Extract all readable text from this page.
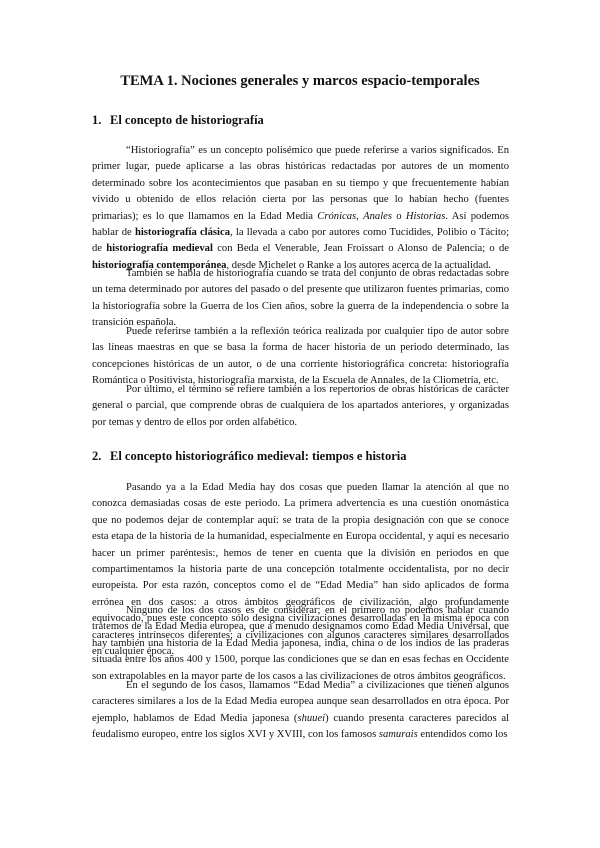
TEMA 1. Nociones generales y marcos espacio-temporales
1. El concepto de historiografía

“Historiografía” es un concepto polisémico que puede referirse a varios significados. En primer lugar, puede aplicarse a las obras históricas redactadas por autores de un momento determinado sobre los acontecimientos que pasaban en su tiempo y que frecuentemente habían vivido u obtenido de ellos relación cierta por las personas que lo habían hecho (fuentes primarias); es lo que llamamos en la Edad Media Crónicas, Anales o Historias. Así podemos hablar de historiografía clásica, la llevada a cabo por autores como Tucídides, Polibio o Tácito; de historiografía medieval con Beda el Venerable, Jean Froissart o Alonso de Palencia; o de historiografía contemporánea, desde Michelet o Ranke a los autores acerca de la actualidad.

También se habla de historiografía cuando se trata del conjunto de obras redactadas sobre un tema determinado por autores del pasado o del presente que utilizaron fuentes primarias, como la historiografía sobre la Guerra de los Cien años, sobre la guerra de la independencia o sobre la transición española.

Puede referirse también a la reflexión teórica realizada por cualquier tipo de autor sobre las líneas maestras en que se basa la forma de hacer historia de un periodo determinado, las concepciones históricas de un autor, o de una corriente historiográfica concreta: historiografía Romántica o Positivista, historiografía marxista, de la Escuela de Annales, de la Cliometría, etc.

Por último, el término se refiere también a los repertorios de obras históricas de carácter general o parcial, que comprende obras de cualquiera de los apartados anteriores, y organizadas por temas y dentro de ellos por orden alfabético.

2. El concepto historiográfico medieval: tiempos e historia

Pasando ya a la Edad Media hay dos cosas que pueden llamar la atención al que no conozca demasiadas cosas de este periodo. La primera advertencia es una cuestión onomástica que no podemos dejar de contemplar aquí: se trata de la propia designación con que se conoce esta etapa de la historia de la humanidad, especialmente en Europa occidental, y aquí es necesario hacer un primer paréntesis:, hemos de tener en cuenta que la división en periodos en que compartimentamos la historia parte de una concepción totalmente occidentalista, por no decir europeísta. Por esta razón, conceptos como el de “Edad Media” han sido aplicados de forma errónea en dos casos: a otros ámbitos geográficos de civilización, algo profundamente equivocado, pues este concepto sólo designa civilizaciones desarrolladas en la misma época con caracteres intrínsecos diferentes; a civilizaciones con algunos caracteres similares desarrollados en cualquier época.

Ninguno de los dos casos es de considerar; en el primero no podemos hablar cuando tratemos de la Edad Media europea, que a menudo designamos como Edad Media Universal, que hay también una historia de la Edad Media japonesa, india, china o de los indios de las praderas situada entre los años 400 y 1500, porque las condiciones que se dan en esas fechas en Occidente son extrapolables en la mayor parte de los casos a las civilizaciones de otros ámbitos geográficos.

En el segundo de los casos, llamamos “Edad Media” a civilizaciones que tienen algunos caracteres similares a los de la Edad Media europea aunque sean desarrollados en otra época. Por ejemplo, hablamos de Edad Media japonesa (shuuei) cuando presenta caracteres parecidos al feudalismo europeo, entre los siglos XVI y XVIII, con los famosos samurais entendidos como los
